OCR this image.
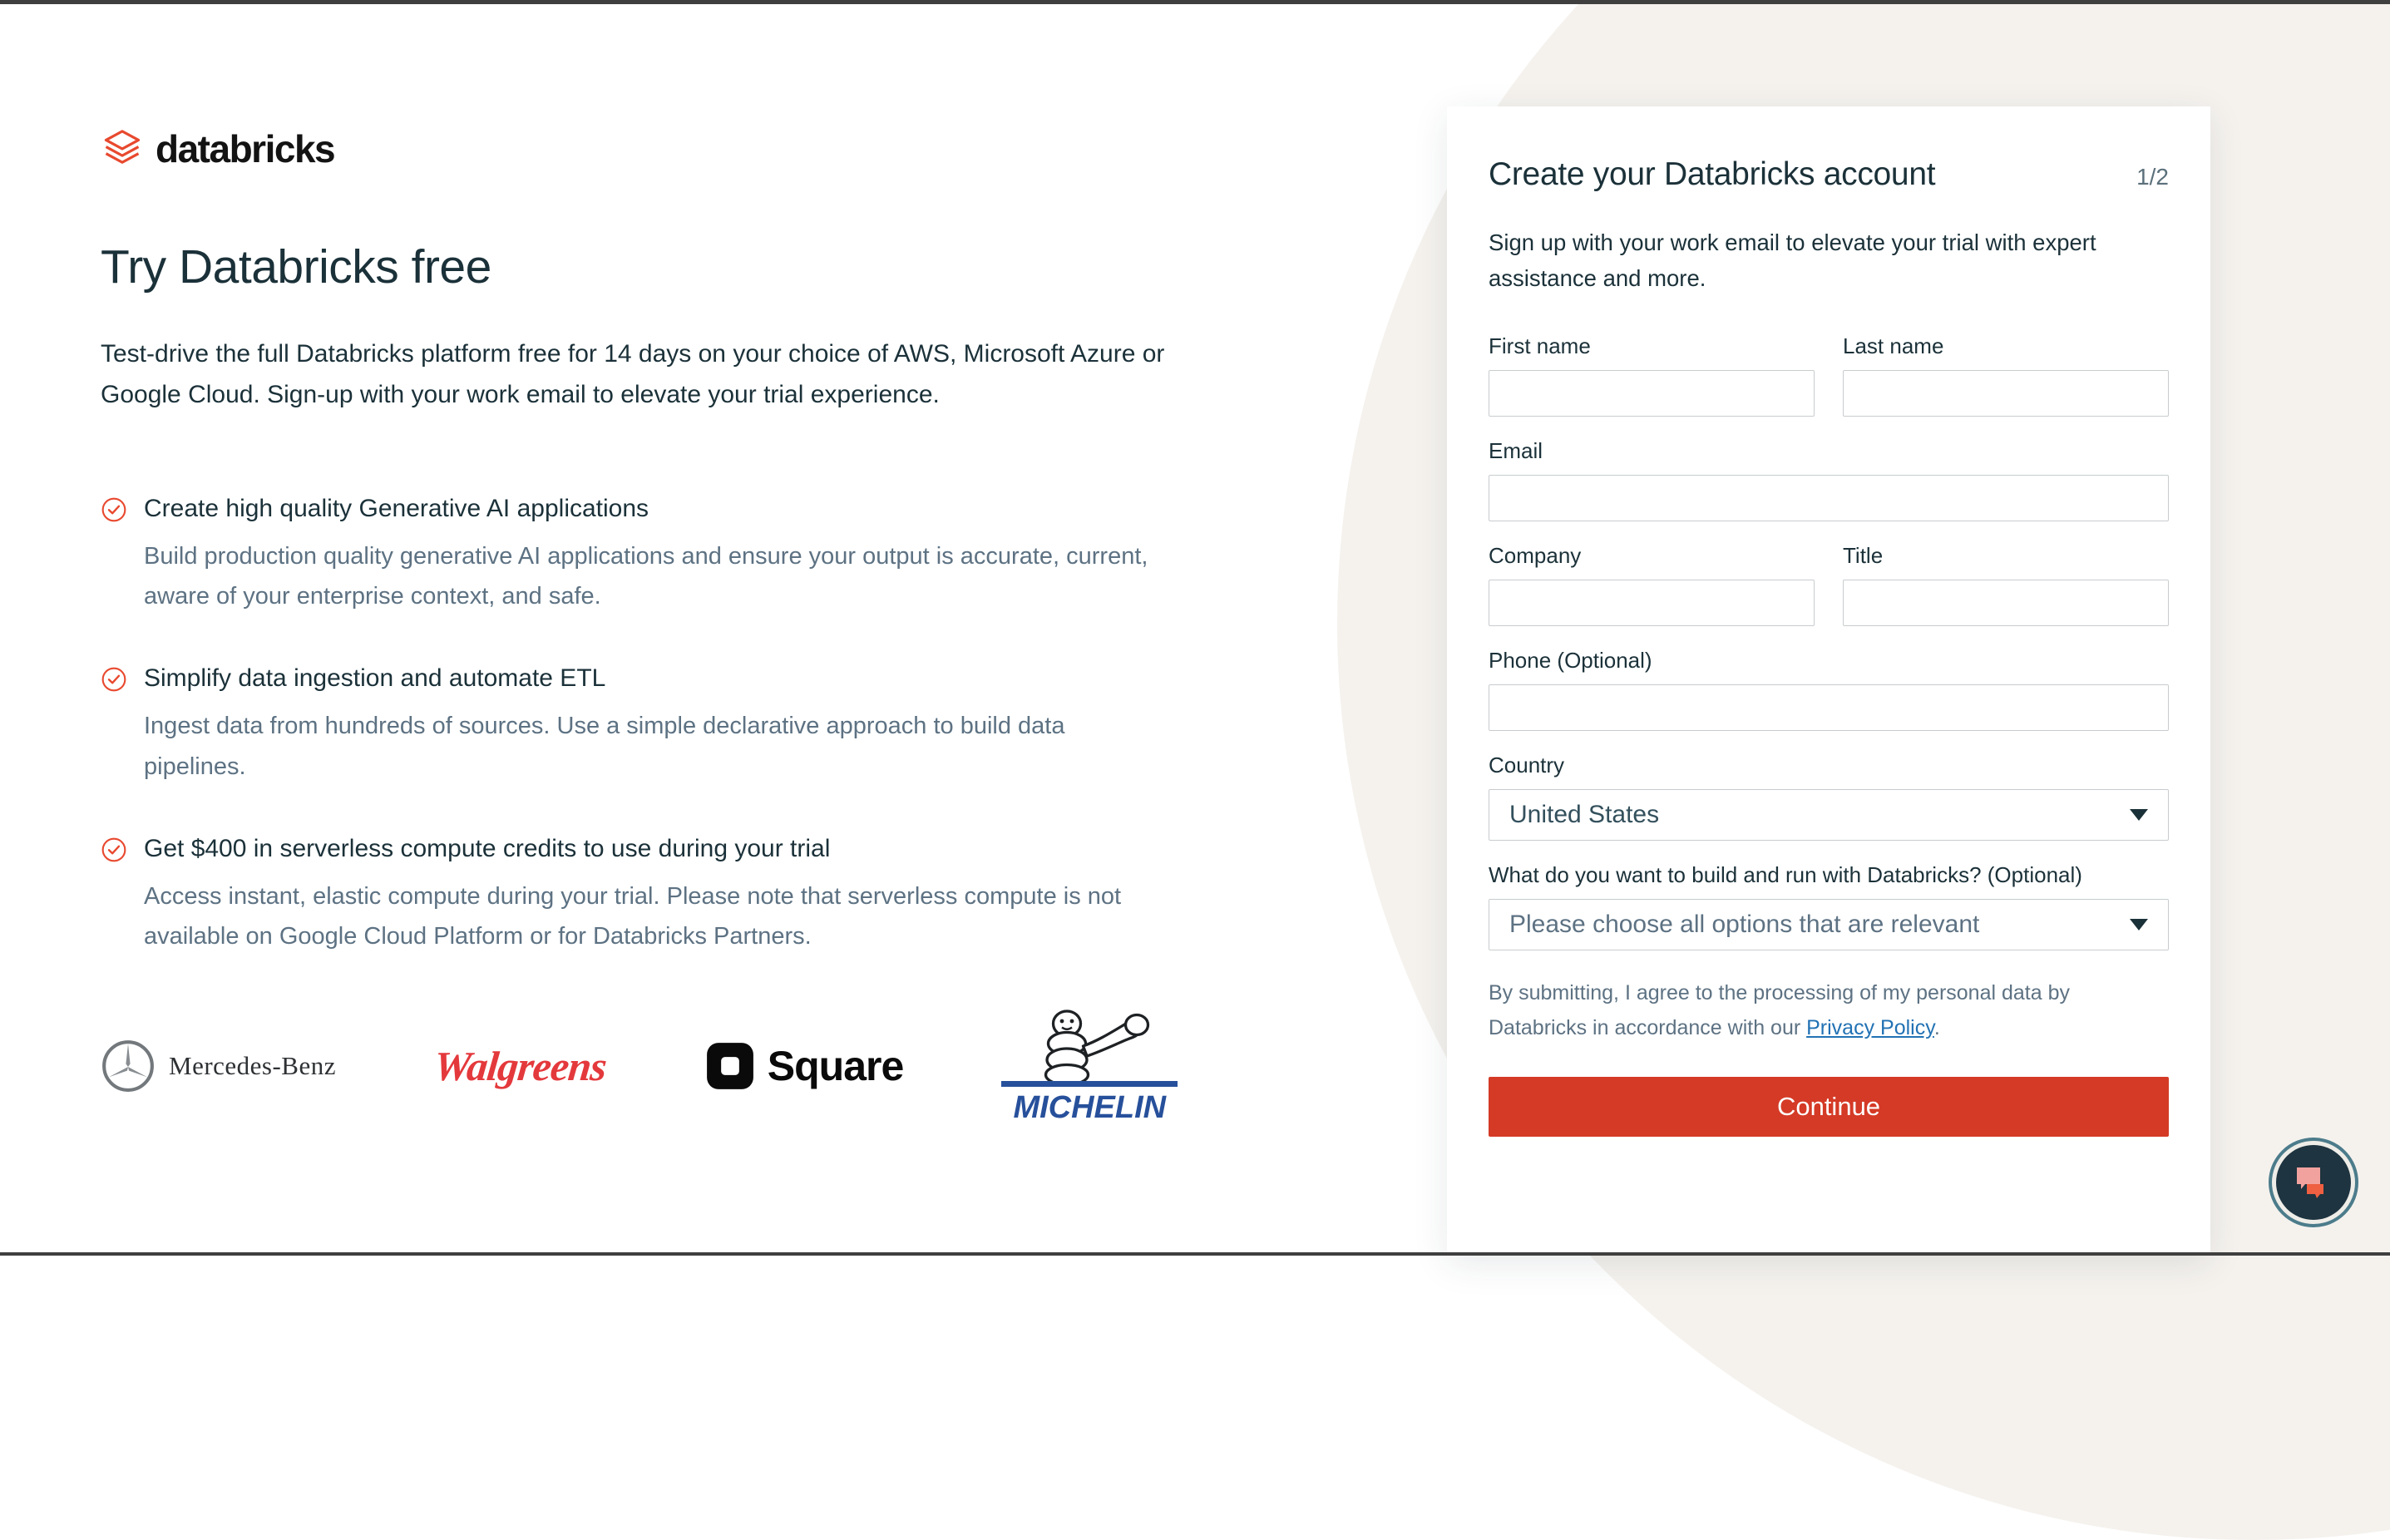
databricks
Try Databricks free

Test-drive the full Databricks platform free for 14 days on your choice of AWS, Microsoft Azure or Google Cloud. Sign-up with your work email to elevate your trial experience.

Create high quality Generative AI applications
Build production quality generative AI applications and ensure your output is accurate, current, aware of your enterprise context, and safe.
Simplify data ingestion and automate ETL
Ingest data from hundreds of sources. Use a simple declarative approach to build data pipelines.
Get $400 in serverless compute credits to use during your trial
Access instant, elastic compute during your trial. Please note that serverless compute is not available on Google Cloud Platform or for Databricks Partners.
Mercedes-Benz Walgreens	Square
MICHELIN
Create your Databricks account	1/2

Sign up with your work email to elevate your trial with expert assistance and more.

First name	Last name
Email
Company	Title
Phone (Optional)
Country
United States
What do you want to build and run with Databricks? (Optional)
Please choose all options that are relevant

By submitting, I agree to the processing of my personal data by Databricks in accordance with our Privacy Policy.

Continue
